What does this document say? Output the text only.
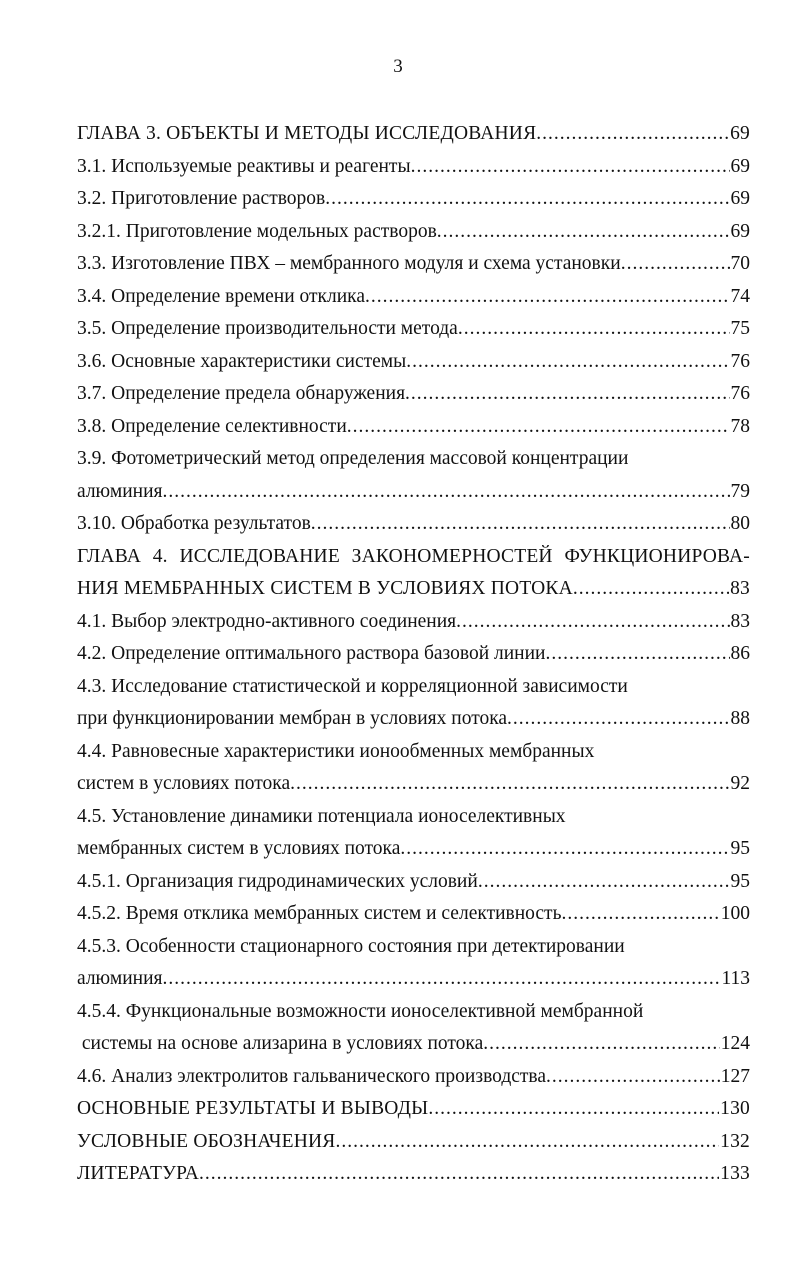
3
ГЛАВА 3. ОБЪЕКТЫ И МЕТОДЫ ИССЛЕДОВАНИЯ .....	69
3.1. Используемые реактивы и реагенты .....	69
3.2. Приготовление растворов .....	69
3.2.1. Приготовление модельных растворов .....	69
3.3. Изготовление ПВХ – мембранного модуля и схема установки .....	70
3.4. Определение времени отклика .....	74
3.5. Определение производительности метода .....	75
3.6. Основные характеристики системы .....	76
3.7. Определение предела обнаружения .....	76
3.8. Определение селективности .....	78
3.9. Фотометрический метод определения массовой концентрации
алюминия .....	79
3.10. Обработка результатов .....	80
ГЛАВА 4. ИССЛЕДОВАНИЕ ЗАКОНОМЕРНОСТЕЙ ФУНКЦИОНИРОВА-
НИЯ МЕМБРАННЫХ СИСТЕМ В УСЛОВИЯХ ПОТОКА .....	83
4.1. Выбор электродно-активного соединения .....	83
4.2. Определение оптимального раствора базовой линии .....	86
4.3. Исследование статистической и корреляционной зависимости
при функционировании мембран в условиях потока .....	88
4.4. Равновесные характеристики ионообменных мембранных
систем в условиях потока .....	92
4.5. Установление динамики потенциала ионоселективных
мембранных систем в условиях потока .....	95
4.5.1. Организация гидродинамических условий .....	95
4.5.2. Время отклика мембранных систем и селективность .....	100
4.5.3. Особенности стационарного состояния при детектировании
алюминия .....	113
4.5.4. Функциональные возможности ионоселективной мембранной
системы на основе ализарина в условиях потока .....	124
4.6. Анализ электролитов гальванического производства .....	127
ОСНОВНЫЕ РЕЗУЛЬТАТЫ И ВЫВОДЫ .....	130
УСЛОВНЫЕ ОБОЗНАЧЕНИЯ .....	132
ЛИТЕРАТУРА .....	133
